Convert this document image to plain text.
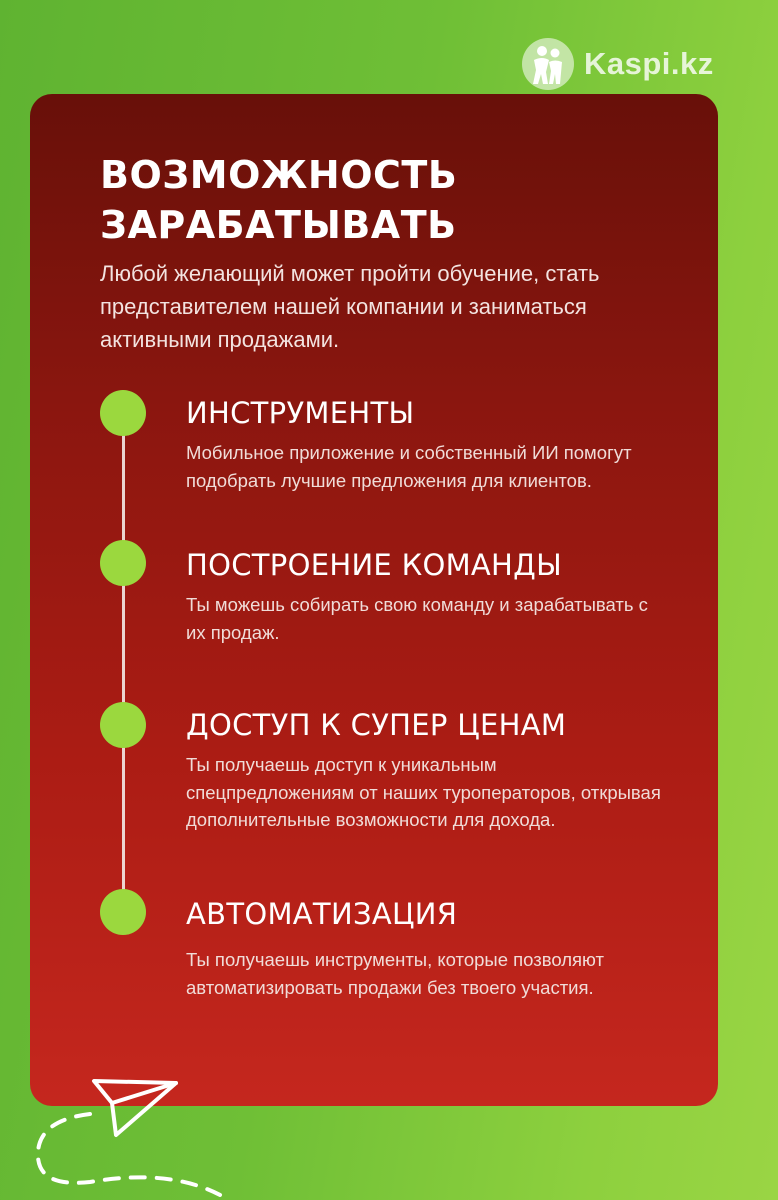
Kaspi.kz
ВОЗМОЖНОСТЬ ЗАРАБАТЫВАТЬ

Любой желающий может пройти обучение, стать представителем нашей компании и заниматься активными продажами.

ИНСТРУМЕНТЫ

Мобильное приложение и собственный ИИ помогут подобрать лучшие предложения для клиентов.

ПОСТРОЕНИЕ КОМАНДЫ

Ты можешь собирать свою команду и зарабатывать с их продаж.

ДОСТУП К СУПЕР ЦЕНАМ

Ты получаешь доступ к уникальным спецпредложениям от наших туроператоров, открывая дополнительные возможности для дохода.

АВТОМАТИЗАЦИЯ

Ты получаешь инструменты, которые позволяют автоматизировать продажи без твоего участия.
